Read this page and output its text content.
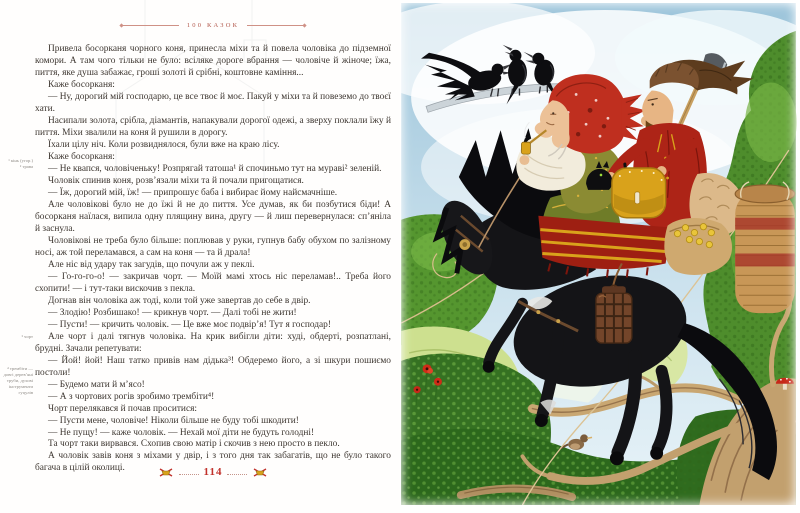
100 КАЗОК

Привела босорканя чорного коня, принесла міхи та й повела чоловіка до підземної комори. А там чого тільки не було: всіляке дороге вбрання — чоловіче й жіноче; їжа, пиття, яке душа забажає, гроші золоті й срібні, коштовне каміння...

Каже босорканя:

— Ну, дорогий мій господарю, це все твоє й моє. Пакуй у міхи та й повеземо до твоєї хати.

Насипали золота, срібла, діамантів, напакували дорогої одежі, а зверху поклали їжу й пиття. Міхи звалили на коня й рушили в дорогу.

Їхали цілу ніч. Коли розвиднялося, були вже на краю лісу.

Каже босорканя:

— Не квапся, чоловіченьку! Розпрягай татоша¹ й спочиньмо тут на мураві² зеленій.

Чоловік спинив коня, розв’язали міхи та й почали пригощатися.

— Їж, дорогий мій, їж! — припрошує баба і вибирає йому найсмачніше.

Але чоловікові було не до їжі й не до пиття. Усе думав, як би позбутися біди! А босорканя наїлася, випила одну плящину вина, другу — й лиш перевернулася: сп’яніла й заснула.

Чоловікові не треба було більше: поплював у руки, гупнув бабу обухом по залізному носі, аж той переламався, а сам на коня — та й драла!

Але ніс від удару так загудів, що почули аж у пеклі.

— Го-го-го-о! — закричав чорт. — Моїй мамі хтось ніс переламав!.. Треба його схопити! — і тут-таки вискочив з пекла.

Догнав він чоловіка аж тоді, коли той уже завертав до себе в двір.

— Злодію! Розбишако! — крикнув чорт. — Далі тобі не жити!

— Пусти! — кричить чоловік. — Це вже моє подвір’я! Тут я господар!

Але чорт і далі тягнув чоловіка. На крик вибігли діти: худі, обдерті, розпатлані, брудні. Зачали репетувати:

— Йой! йой! Наш татко привів нам дідька³! Обдеремо його, а зі шкури пошиємо постоли!

— Будемо мати й м’ясо!

— А з чортових рогів зробимо трембіти⁴!

Чорт перелякався й почав проситися:

— Пусти мене, чоловіче! Ніколи більше не буду тобі шкодити!

— Не пущу! — каже чоловік. — Нехай мої діти не будуть голодні!

Та чорт таки вирвався. Схопив свою матір і скочив з нею просто в пекло.

А чоловік завів коня з міхами у двір, і з того дня так забагатів, що не було такого багача в цілій околиці.

¹ кінь (угор.)
² трава
³ чорт
⁴ трембіти —
довгі дерев’яні
труби, духові
інструменти
гуцулів
114
